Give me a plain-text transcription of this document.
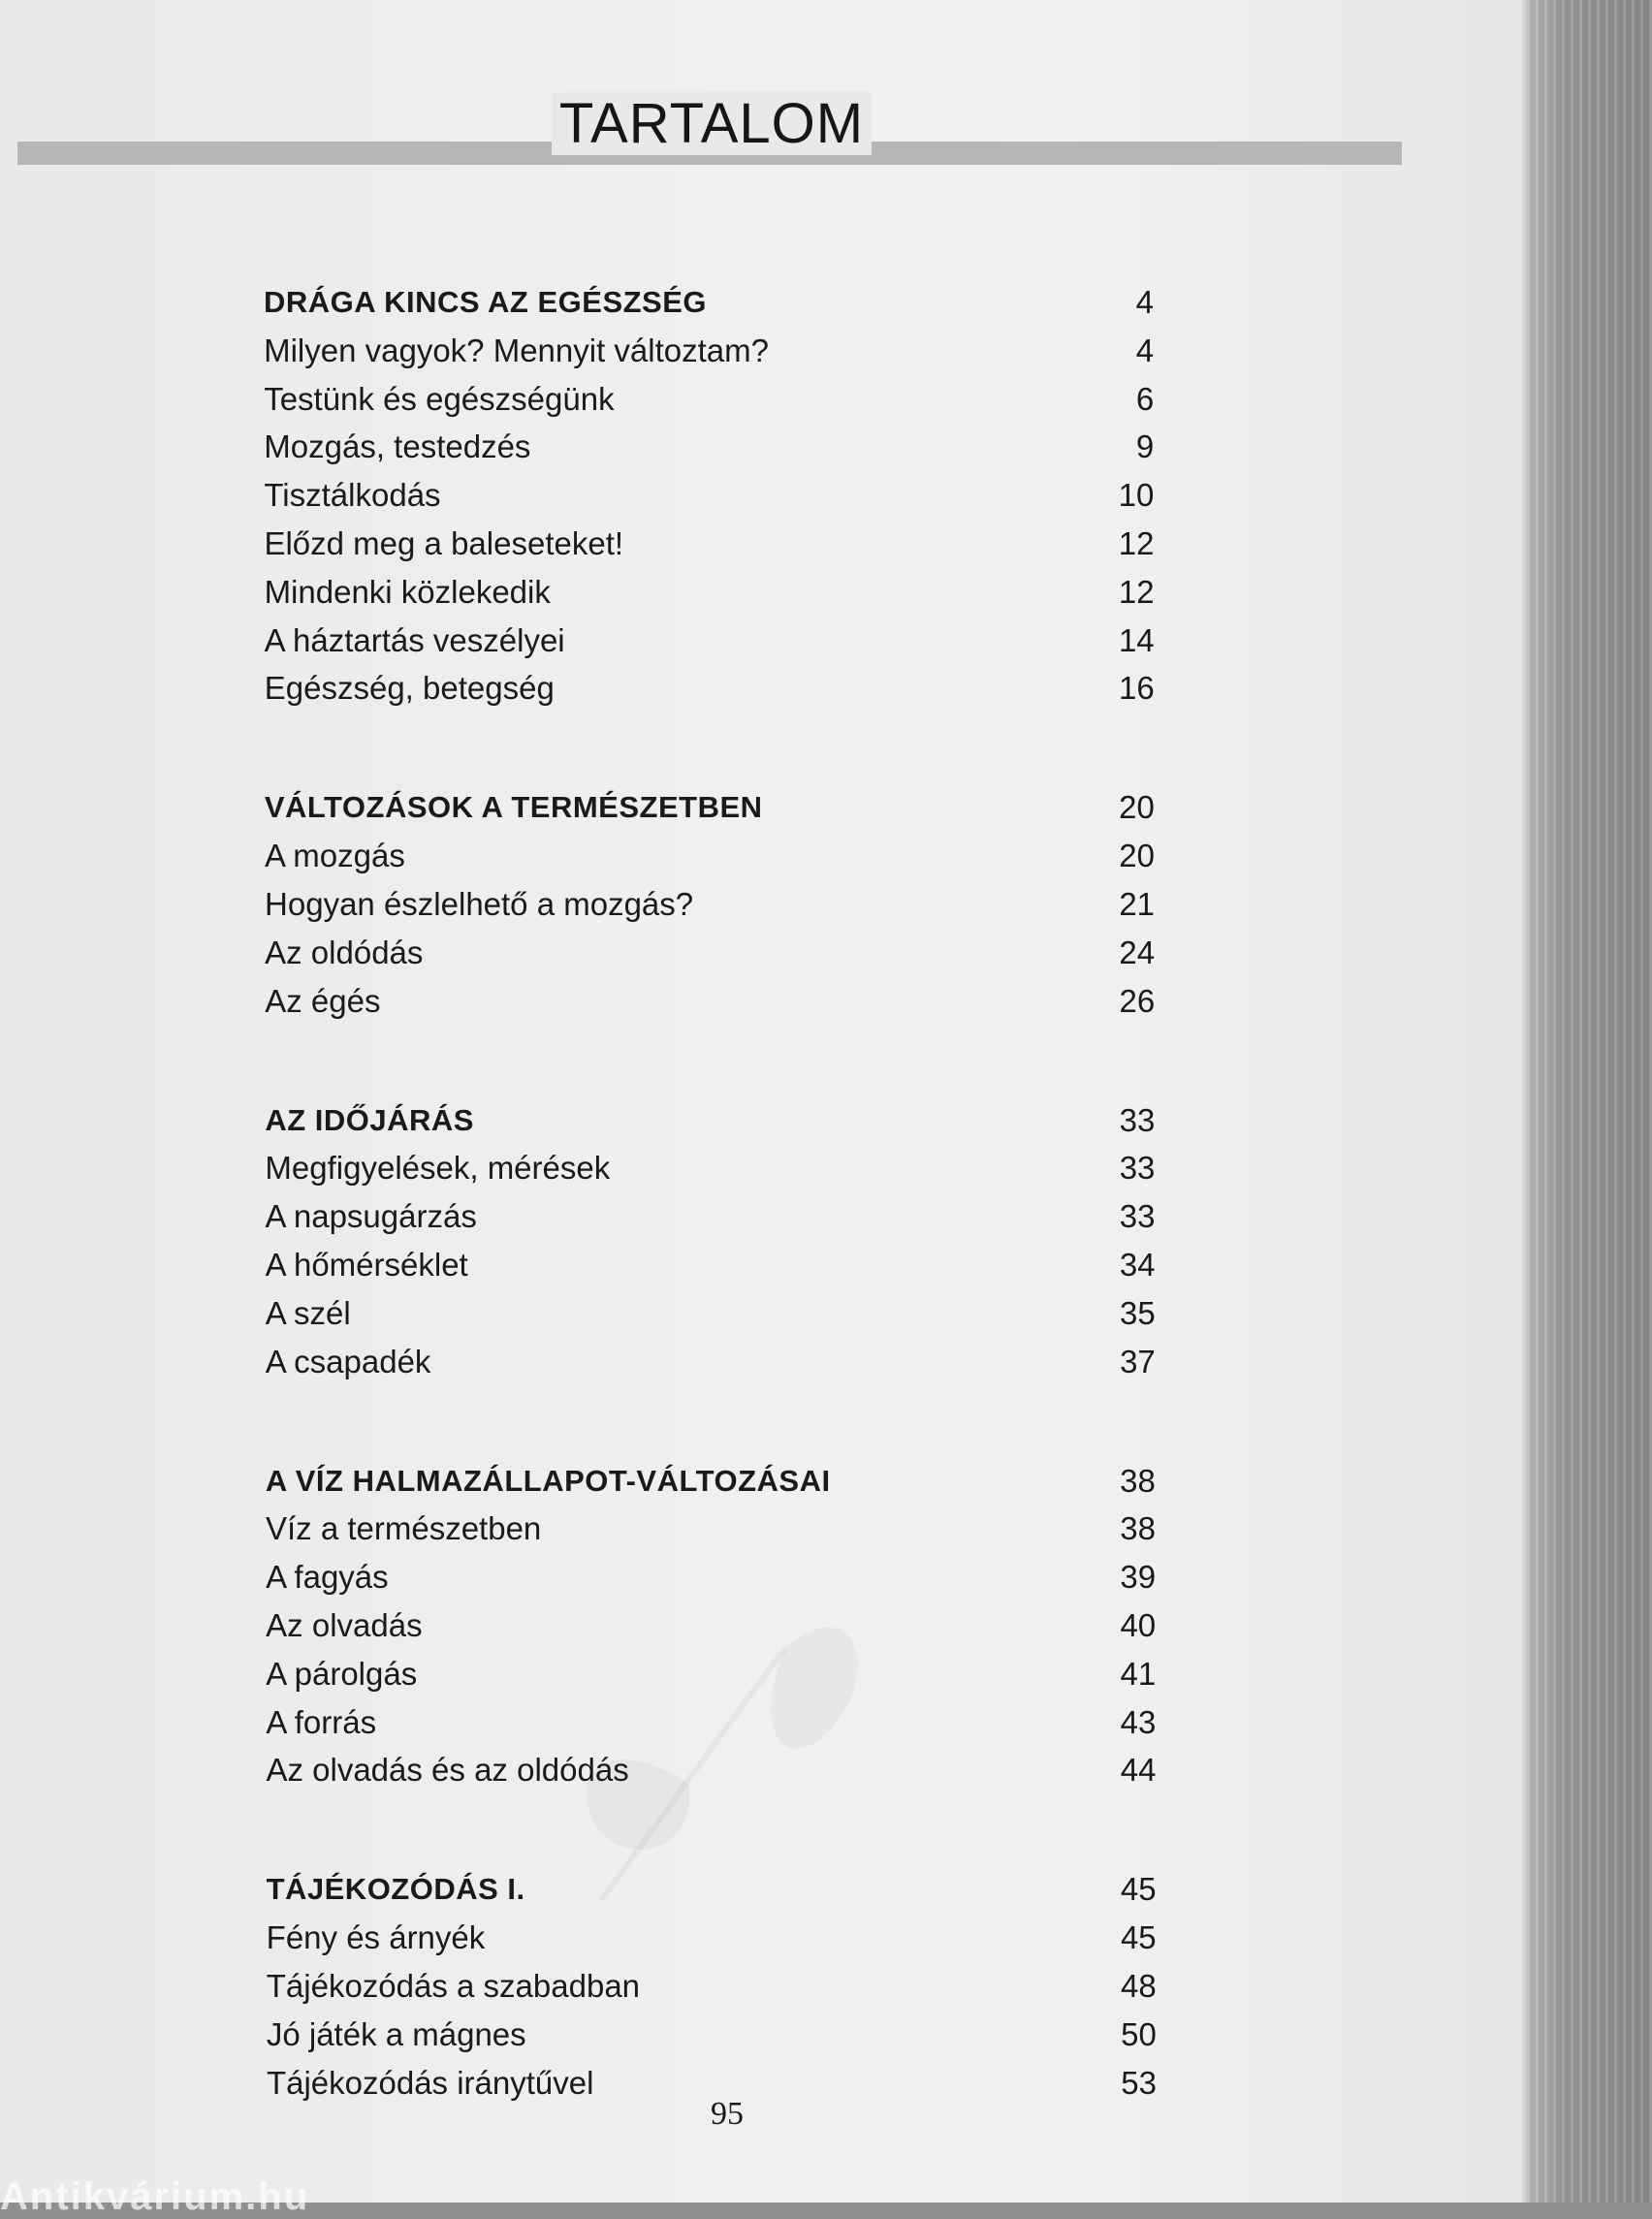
TARTALOM
DRÁGA KINCS AZ EGÉSZSÉG	4
Milyen vagyok? Mennyit változtam?	4
Testünk és egészségünk	6
Mozgás, testedzés	9
Tisztálkodás	10
Előzd meg a baleseteket!	12
Mindenki közlekedik	12
A háztartás veszélyei	14
Egészség, betegség	16
VÁLTOZÁSOK A TERMÉSZETBEN	20
A mozgás	20
Hogyan észlelhető a mozgás?	21
Az oldódás	24
Az égés	26
AZ IDŐJÁRÁS	33
Megfigyelések, mérések	33
A napsugárzás	33
A hőmérséklet	34
A szél	35
A csapadék	37
A VÍZ HALMAZÁLLAPOT-VÁLTOZÁSAI	38
Víz a természetben	38
A fagyás	39
Az olvadás	40
A párolgás	41
A forrás	43
Az olvadás és az oldódás	44
TÁJÉKOZÓDÁS I.	45
Fény és árnyék	45
Tájékozódás a szabadban	48
Jó játék a mágnes	50
Tájékozódás iránytűvel	53
95
Antikvárium.hu
